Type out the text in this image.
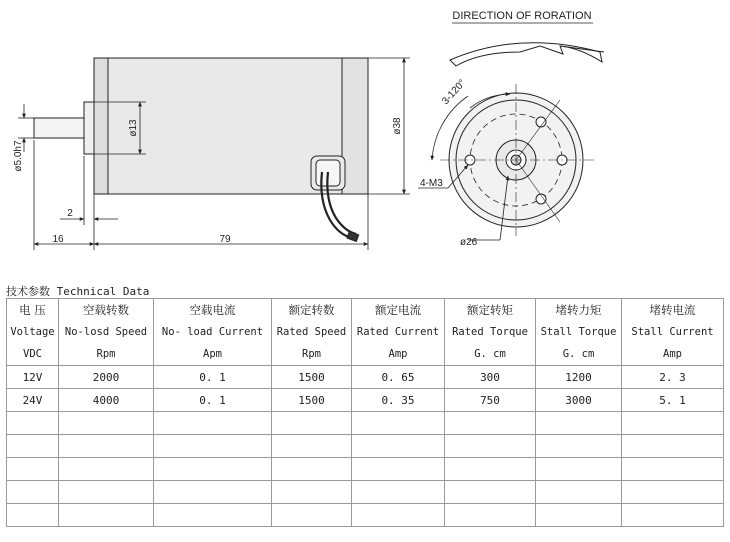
16	79
2
ø5.0h7
ø13	ø38
DIRECTION OF RORATION
3-120°
4-M3
ø26
技术参数 Technical Data
电 压	空载转数	空载电流	额定转数	额定电流	额定转矩	堵转力矩	堵转电流
Voltage	No-losd Speed	No- load Current	Rated Speed	Rated Current	Rated Torque	Stall Torque	Stall Current
VDC	Rpm	Apm	Rpm	Amp	G. cm	G. cm	Amp
12V	2000	0. 1	1500	0. 65	300	1200	2. 3
24V	4000	0. 1	1500	0. 35	750	3000	5. 1
